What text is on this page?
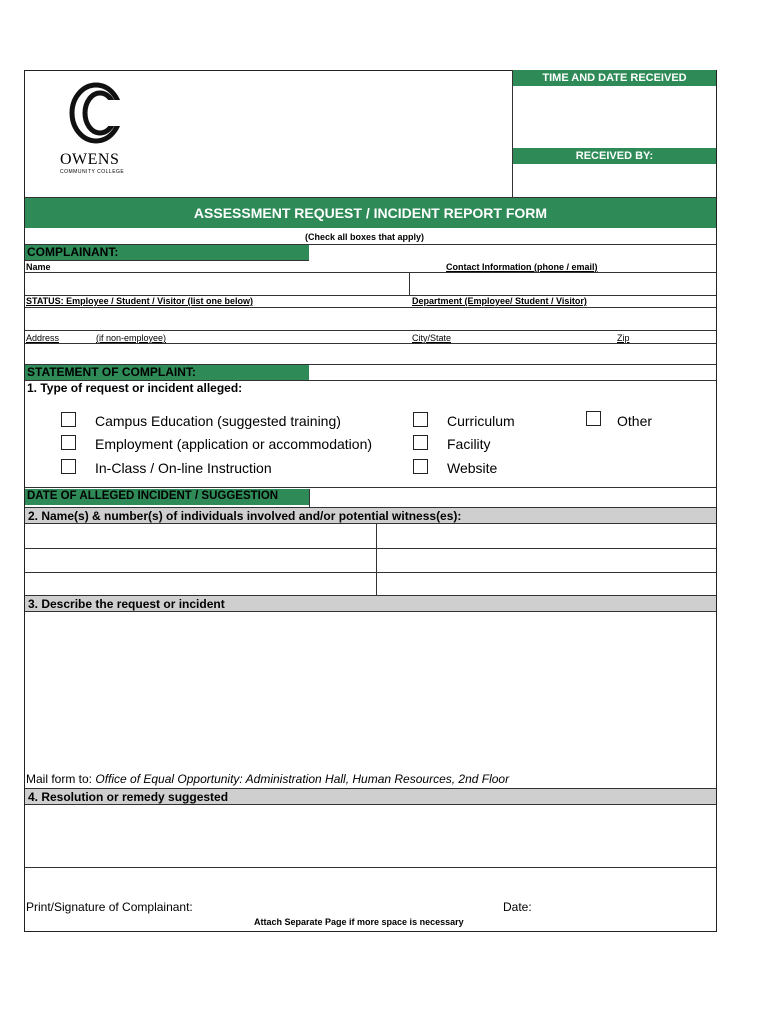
OWENS
COMMUNITY COLLEGE
TIME AND DATE RECEIVED
RECEIVED BY:
ASSESSMENT REQUEST / INCIDENT REPORT FORM
(Check all boxes that apply)
COMPLAINANT:
Name	Contact Information (phone / email)
STATUS: Employee / Student / Visitor (list one below)	Department (Employee/ Student / Visitor)
Address	(if non-employee)	City/State	Zip
STATEMENT OF COMPLAINT:
1. Type of request or incident alleged:
Campus Education (suggested training)
Employment (application or accommodation)
In-Class / On-line Instruction
Curriculum
Facility
Website
Other
DATE OF ALLEGED INCIDENT / SUGGESTION
2. Name(s) & number(s) of individuals involved and/or potential witness(es):
3. Describe the request or incident
Mail form to: Office of Equal Opportunity: Administration Hall, Human Resources, 2nd Floor
4. Resolution or remedy suggested
Print/Signature of Complainant:	Date:
Attach Separate Page if more space is necessary
